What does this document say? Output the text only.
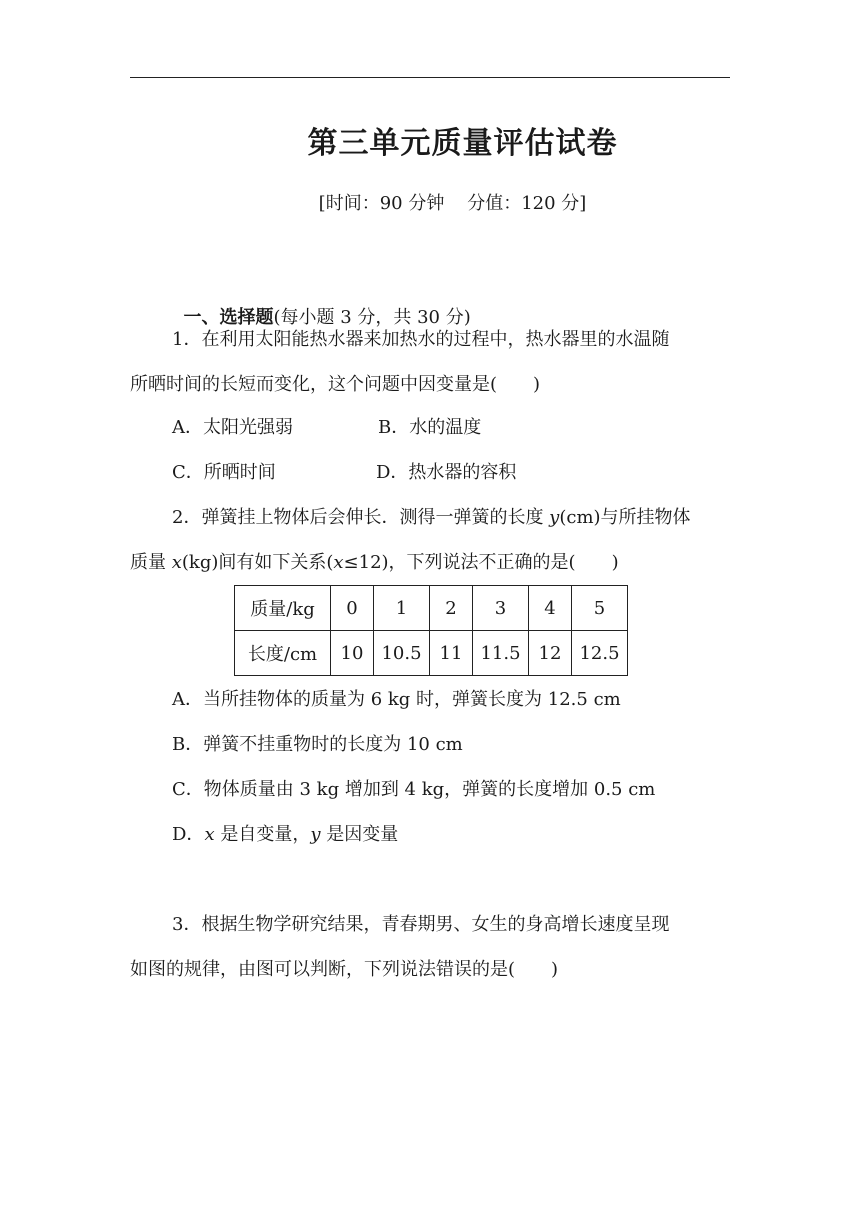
第三单元质量评估试卷
[时间：90 分钟    分值：120 分]

一、选择题(每小题 3 分，共 30 分)

1．在利用太阳能热水器来加热水的过程中，热水器里的水温随
所晒时间的长短而变化，这个问题中因变量是(　　)
A．太阳光强弱	B．水的温度
C．所晒时间	D．热水器的容积
2．弹簧挂上物体后会伸长．测得一弹簧的长度 y(cm)与所挂物体
质量 x(kg)间有如下关系(x≤12)，下列说法不正确的是(　　)
质量/kg	0	1	2	3	4	5
长度/cm	10	10.5	11	11.5	12	12.5
A．当所挂物体的质量为 6 kg 时，弹簧长度为 12.5 cm
B．弹簧不挂重物时的长度为 10 cm
C．物体质量由 3 kg 增加到 4 kg，弹簧的长度增加 0.5 cm
D．x 是自变量，y 是因变量
3．根据生物学研究结果，青春期男、女生的身高增长速度呈现
如图的规律，由图可以判断，下列说法错误的是(　　)
